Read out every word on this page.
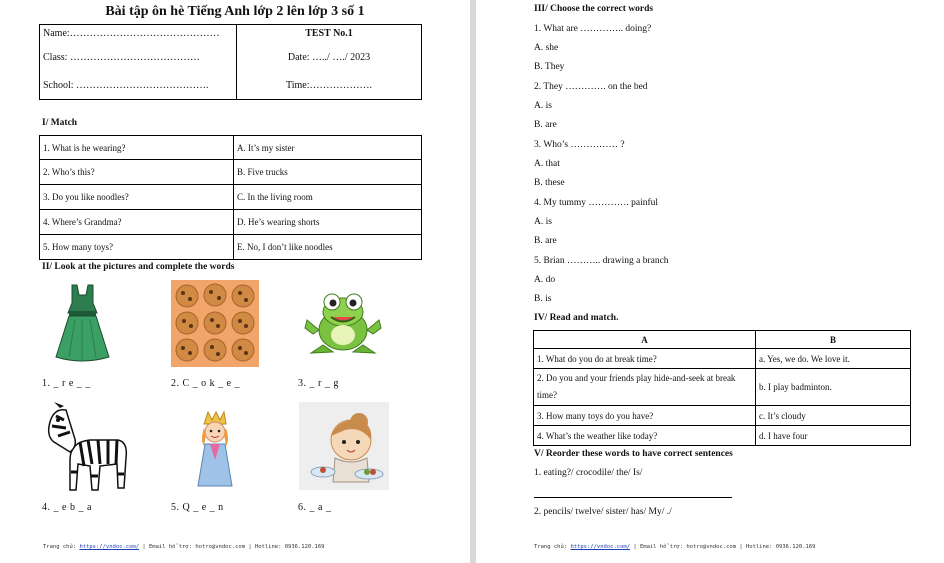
Bài tập ôn hè Tiếng Anh lớp 2 lên lớp 3 số 1
Name:………………………………………	TEST No.1
Class: …………………………………	Date: …../ …./ 2023
School: ………………………………….	Time:……………….
I/ Match
1. What is he wearing?	A. It’s my sister
2. Who’s this?	B. Five trucks
3. Do you like noodles?	C. In the living room
4. Where’s Grandma?	D. He’s wearing shorts
5. How many toys?	E. No, I don’t like noodles
II/ Look at the pictures and complete the words
1. _ r e _ _	2. C _ o k _ e _	3. _ r _ g
4. _ e b _ a	5. Q _ e _ n	6. _ a _
Trang chủ: https://vndoc.com/ | Email hỗ trợ: hotro@vndoc.com | Hotline: 0936.120.169
III/ Choose the correct words
1. What are ………….. doing?
A. she
B. They
2. They …………. on the bed
A. is
B. are
3. Who’s …………… ?
A. that
B. these
4. My tummy …………. painful
A. is
B. are
5. Brian ……….. drawing a branch
A. do
B. is
IV/ Read and match.
A	B
1. What do you do at break time?	a. Yes, we do. We love it.
2. Do you and your friends play hide-and-seek at break time?	b. I play badminton.
3. How many toys do you have?	c. It’s cloudy
4. What’s the weather like today?	d. I have four
V/ Reorder these words to have correct sentences
1. eating?/ crocodile/ the/ Is/
2. pencils/ twelve/ sister/ has/ My/ ./
Trang chủ: https://vndoc.com/ | Email hỗ trợ: hotro@vndoc.com | Hotline: 0936.120.169
